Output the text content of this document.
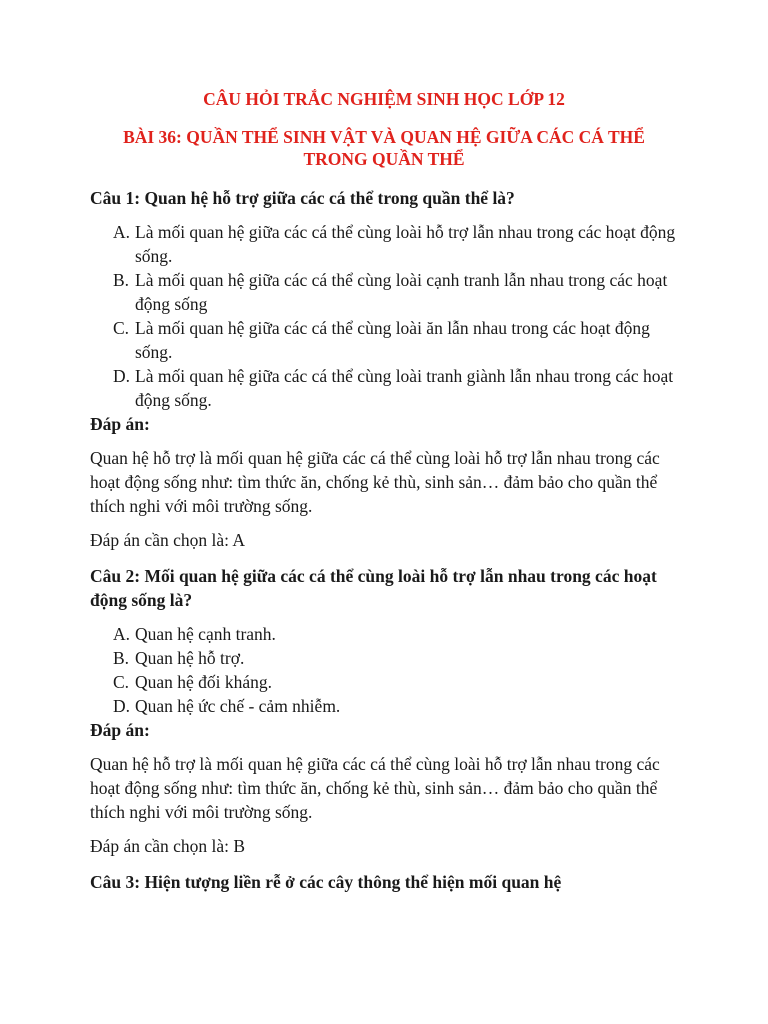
CÂU HỎI TRẮC NGHIỆM SINH HỌC LỚP 12
BÀI 36: QUẦN THỂ SINH VẬT VÀ QUAN HỆ GIỮA CÁC CÁ THỂ TRONG QUẦN THỂ

Câu 1: Quan hệ hỗ trợ giữa các cá thể trong quần thể là?

A. Là mối quan hệ giữa các cá thể cùng loài hỗ trợ lẫn nhau trong các hoạt động sống.
B. Là mối quan hệ giữa các cá thể cùng loài cạnh tranh lẫn nhau trong các hoạt động sống
C. Là mối quan hệ giữa các cá thể cùng loài ăn lẫn nhau trong các hoạt động sống.
D. Là mối quan hệ giữa các cá thể cùng loài tranh giành lẫn nhau trong các hoạt động sống.

Đáp án:

Quan hệ hỗ trợ là mối quan hệ giữa các cá thể cùng loài hỗ trợ lẫn nhau trong các hoạt động sống như: tìm thức ăn, chống kẻ thù, sinh sản… đảm bảo cho quần thể thích nghi với môi trường sống.

Đáp án cần chọn là: A

Câu 2: Mối quan hệ giữa các cá thể cùng loài hỗ trợ lẫn nhau trong các hoạt động sống là?

A. Quan hệ cạnh tranh.
B. Quan hệ hỗ trợ.
C. Quan hệ đối kháng.
D. Quan hệ ức chế - cảm nhiễm.

Đáp án:

Quan hệ hỗ trợ là mối quan hệ giữa các cá thể cùng loài hỗ trợ lẫn nhau trong các hoạt động sống như: tìm thức ăn, chống kẻ thù, sinh sản… đảm bảo cho quần thể thích nghi với môi trường sống.

Đáp án cần chọn là: B

Câu 3: Hiện tượng liền rễ ở các cây thông thể hiện mối quan hệ
